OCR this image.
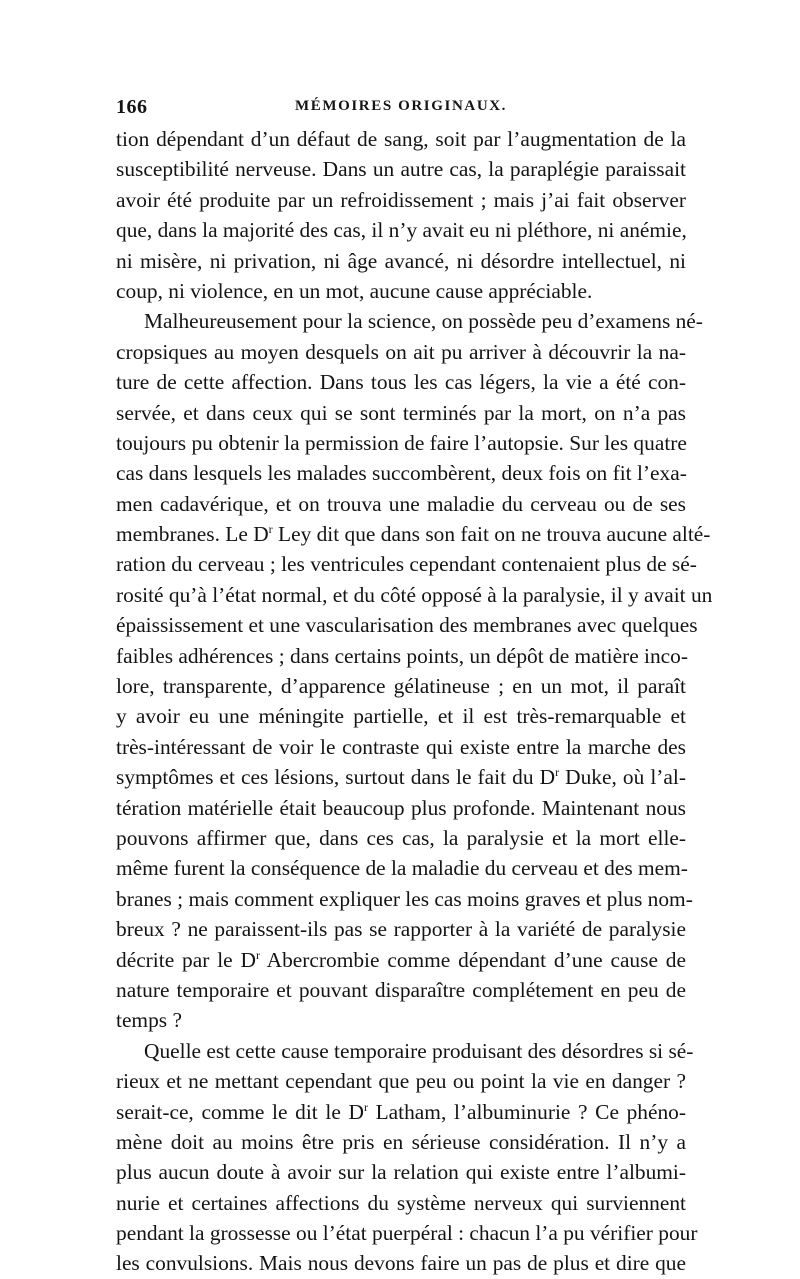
166	MÉMOIRES ORIGINAUX.
tion dépendant d’un défaut de sang, soit par l’augmentation de la
susceptibilité nerveuse. Dans un autre cas, la paraplégie paraissait
avoir été produite par un refroidissement ; mais j’ai fait observer
que, dans la majorité des cas, il n’y avait eu ni pléthore, ni anémie,
ni misère, ni privation, ni âge avancé, ni désordre intellectuel, ni
coup, ni violence, en un mot, aucune cause appréciable.
Malheureusement pour la science, on possède peu d’examens né-
cropsiques au moyen desquels on ait pu arriver à découvrir la na-
ture de cette affection. Dans tous les cas légers, la vie a été con-
servée, et dans ceux qui se sont terminés par la mort, on n’a pas
toujours pu obtenir la permission de faire l’autopsie. Sur les quatre
cas dans lesquels les malades succombèrent, deux fois on fit l’exa-
men cadavérique, et on trouva une maladie du cerveau ou de ses
membranes. Le $D^r$ Ley dit que dans son fait on ne trouva aucune alté-
ration du cerveau ; les ventricules cependant contenaient plus de sé-
rosité qu’à l’état normal, et du côté opposé à la paralysie, il y avait un
épaississement et une vascularisation des membranes avec quelques
faibles adhérences ; dans certains points, un dépôt de matière inco-
lore, transparente, d’apparence gélatineuse ; en un mot, il paraît
y avoir eu une méningite partielle, et il est très-remarquable et
très-intéressant de voir le contraste qui existe entre la marche des
symptômes et ces lésions, surtout dans le fait du $D^r$ Duke, où l’al-
tération matérielle était beaucoup plus profonde. Maintenant nous
pouvons affirmer que, dans ces cas, la paralysie et la mort elle-
même furent la conséquence de la maladie du cerveau et des mem-
branes ; mais comment expliquer les cas moins graves et plus nom-
breux ? ne paraissent-ils pas se rapporter à la variété de paralysie
décrite par le $D^r$ Abercrombie comme dépendant d’une cause de
nature temporaire et pouvant disparaître complétement en peu de
temps ?
Quelle est cette cause temporaire produisant des désordres si sé-
rieux et ne mettant cependant que peu ou point la vie en danger ?
serait-ce, comme le dit le $D^r$ Latham, l’albuminurie ? Ce phéno-
mène doit au moins être pris en sérieuse considération. Il n’y a
plus aucun doute à avoir sur la relation qui existe entre l’albumi-
nurie et certaines affections du système nerveux qui surviennent
pendant la grossesse ou l’état puerpéral : chacun l’a pu vérifier pour
les convulsions. Mais nous devons faire un pas de plus et dire que
